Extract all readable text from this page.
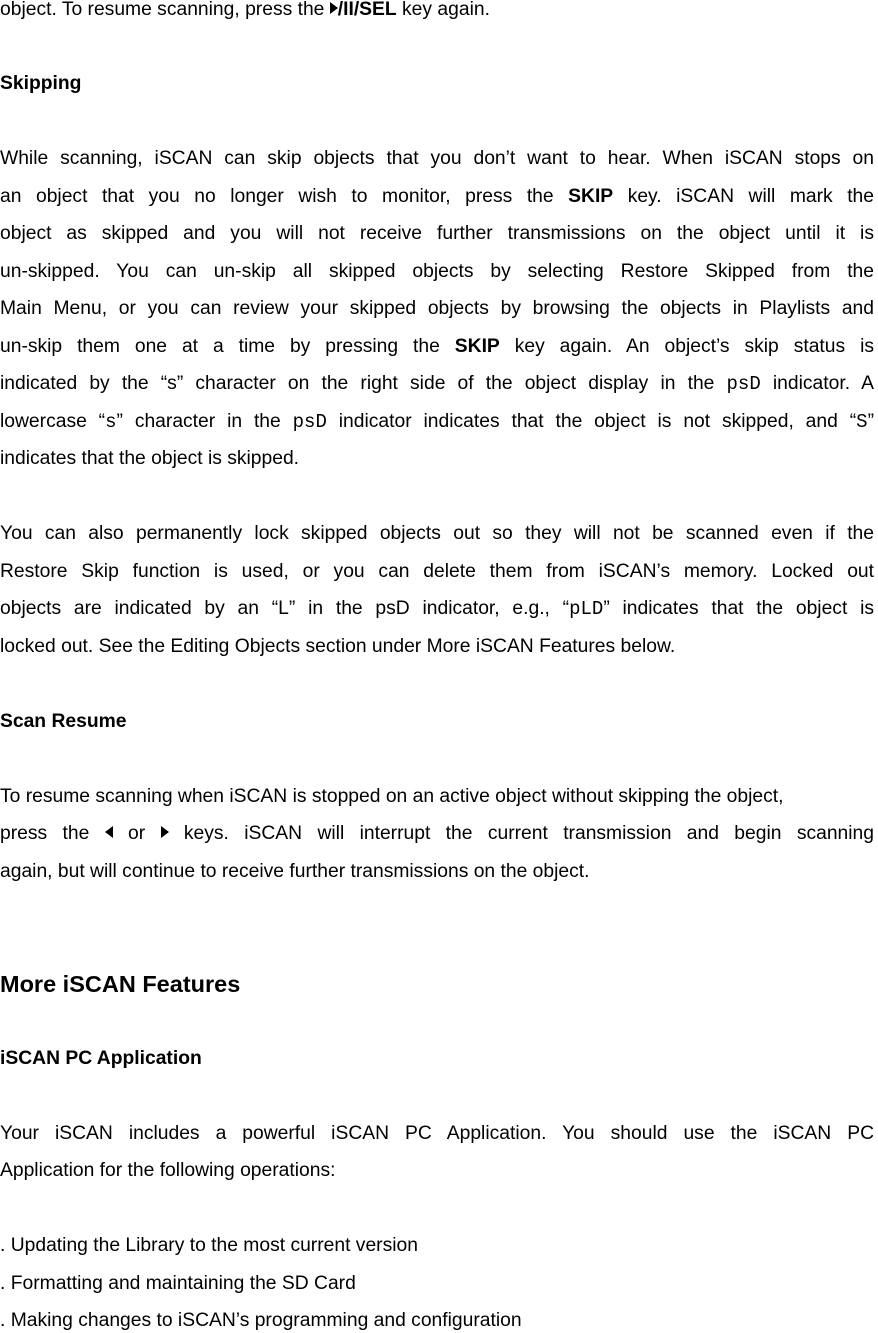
object. To resume scanning, press the /II/SEL key again.
Skipping
While scanning, iSCAN can skip objects that you don’t want to hear. When iSCAN stops on
an object that you no longer wish to monitor, press the SKIP key. iSCAN will mark the
object as skipped and you will not receive further transmissions on the object until it is
un-skipped. You can un-skip all skipped objects by selecting Restore Skipped from the
Main Menu, or you can review your skipped objects by browsing the objects in Playlists and
un-skip them one at a time by pressing the SKIP key again. An object’s skip status is
indicated by the “s” character on the right side of the object display in the psD indicator. A
lowercase “s” character in the psD indicator indicates that the object is not skipped, and “S”
indicates that the object is skipped.
You can also permanently lock skipped objects out so they will not be scanned even if the
Restore Skip function is used, or you can delete them from iSCAN’s memory. Locked out
objects are indicated by an “L” in the psD indicator, e.g., “pLD” indicates that the object is
locked out. See the Editing Objects section under More iSCAN Features below.
Scan Resume
To resume scanning when iSCAN is stopped on an active object without skipping the object,
press the  or  keys. iSCAN will interrupt the current transmission and begin scanning
again, but will continue to receive further transmissions on the object.
More iSCAN Features
iSCAN PC Application
Your iSCAN includes a powerful iSCAN PC Application. You should use the iSCAN PC
Application for the following operations:
. Updating the Library to the most current version
. Formatting and maintaining the SD Card
. Making changes to iSCAN’s programming and configuration
